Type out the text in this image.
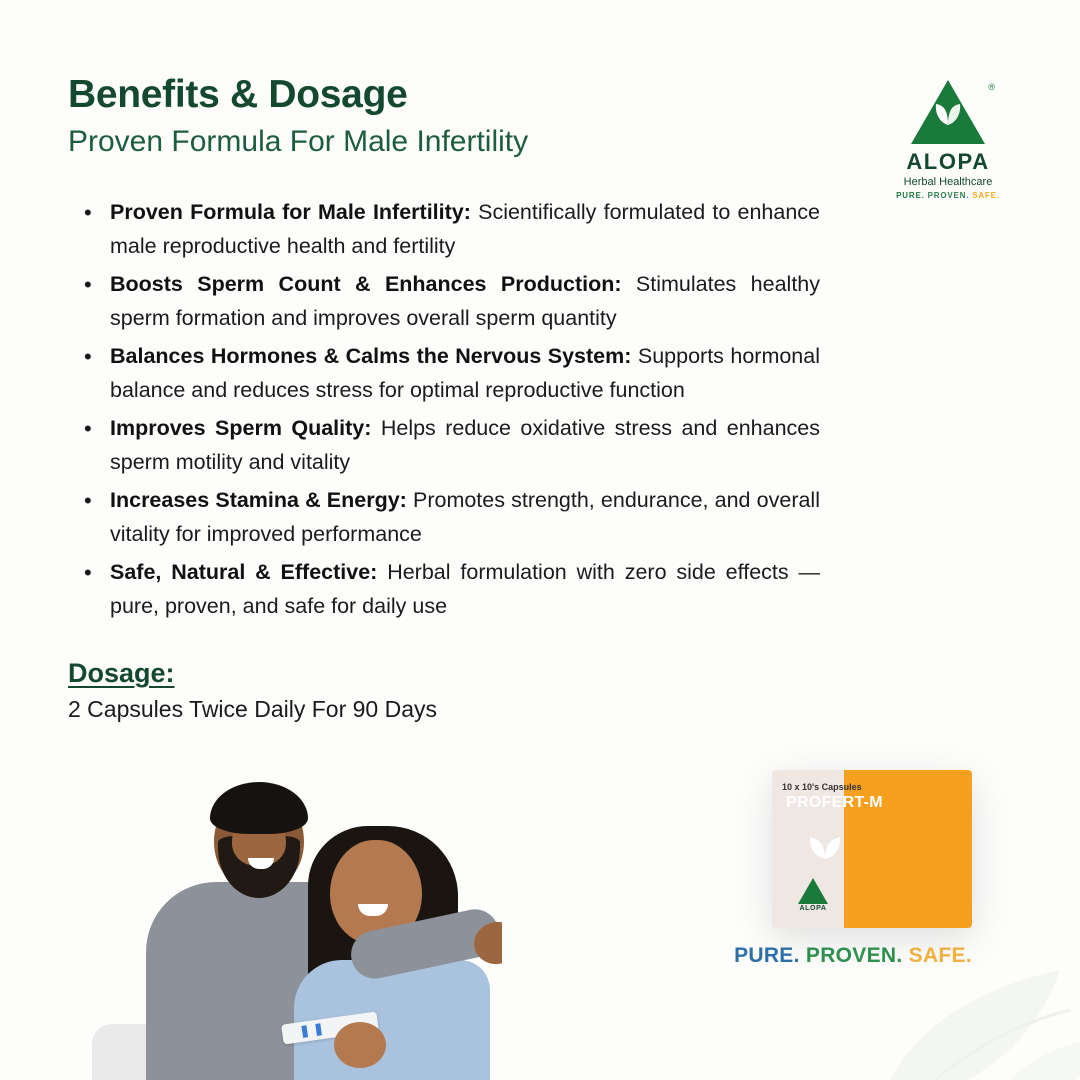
Benefits & Dosage

Proven Formula For Male Infertility

®
ALOPA
Herbal Healthcare
PURE. PROVEN. SAFE.
• Proven Formula for Male Infertility: Scientifically formulated to enhance male reproductive health and fertility
• Boosts Sperm Count & Enhances Production: Stimulates healthy sperm formation and improves overall sperm quantity
• Balances Hormones & Calms the Nervous System: Supports hormonal balance and reduces stress for optimal reproductive function
• Improves Sperm Quality: Helps reduce oxidative stress and enhances sperm motility and vitality
• Increases Stamina & Energy: Promotes strength, endurance, and overall vitality for improved performance
• Safe, Natural & Effective: Herbal formulation with zero side effects — pure, proven, and safe for daily use
Dosage:
2 Capsules Twice Daily For 90 Days
10 x 10's Capsules
PROFERT-M
ALOPA
PURE. PROVEN. SAFE.
